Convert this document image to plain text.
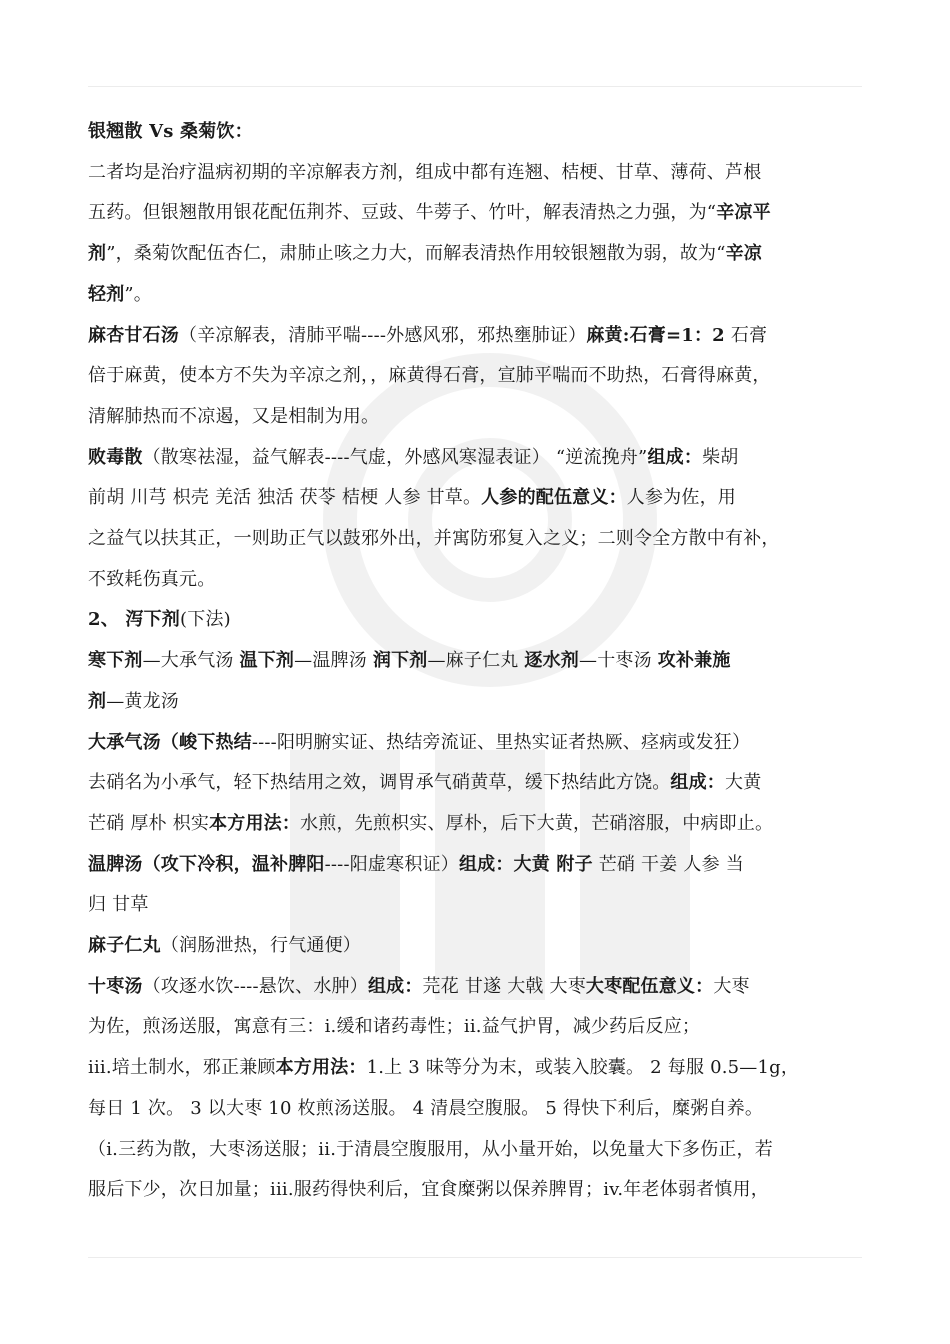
银翘散 Vs 桑菊饮：

二者均是治疗温病初期的辛凉解表方剂，组成中都有连翘、桔梗、甘草、薄荷、芦根

五药。但银翘散用银花配伍荆芥、豆豉、牛蒡子、竹叶，解表清热之力强，为“辛凉平

剂”，桑菊饮配伍杏仁，肃肺止咳之力大，而解表清热作用较银翘散为弱，故为“辛凉

轻剂”。

麻杏甘石汤（辛凉解表，清肺平喘----外感风邪，邪热壅肺证）麻黄:石膏=1：2 石膏

倍于麻黄，使本方不失为辛凉之剂，，麻黄得石膏，宣肺平喘而不助热，石膏得麻黄，

清解肺热而不凉遏，又是相制为用。

败毒散（散寒祛湿，益气解表----气虚，外感风寒湿表证） “逆流挽舟”组成：柴胡

前胡 川芎 枳壳 羌活 独活 茯苓 桔梗 人参 甘草。人参的配伍意义：人参为佐，用

之益气以扶其正，一则助正气以鼓邪外出，并寓防邪复入之义；二则令全方散中有补，

不致耗伤真元。

2、 泻下剂(下法)

寒下剂—大承气汤 温下剂—温脾汤 润下剂—麻子仁丸 逐水剂—十枣汤 攻补兼施

剂—黄龙汤

大承气汤（峻下热结----阳明腑实证、热结旁流证、里热实证者热厥、痉病或发狂）

去硝名为小承气，轻下热结用之效，调胃承气硝黄草，缓下热结此方饶。组成：大黄

芒硝 厚朴 枳实本方用法：水煎，先煎枳实、厚朴，后下大黄，芒硝溶服，中病即止。

温脾汤（攻下冷积，温补脾阳----阳虚寒积证）组成：大黄 附子 芒硝 干姜 人参 当

归 甘草

麻子仁丸（润肠泄热，行气通便）

十枣汤（攻逐水饮----悬饮、水肿）组成：芫花 甘遂 大戟 大枣大枣配伍意义：大枣

为佐，煎汤送服，寓意有三：i.缓和诸药毒性；ii.益气护胃，减少药后反应；

iii.培土制水，邪正兼顾本方用法：1.上 3 味等分为末，或装入胶囊。 2 每服 0.5—1g，

每日 1 次。 3 以大枣 10 枚煎汤送服。 4 清晨空腹服。 5 得快下利后，糜粥自养。

（i.三药为散，大枣汤送服；ii.于清晨空腹服用，从小量开始，以免量大下多伤正，若

服后下少，次日加量；iii.服药得快利后，宜食糜粥以保养脾胃；iv.年老体弱者慎用，
